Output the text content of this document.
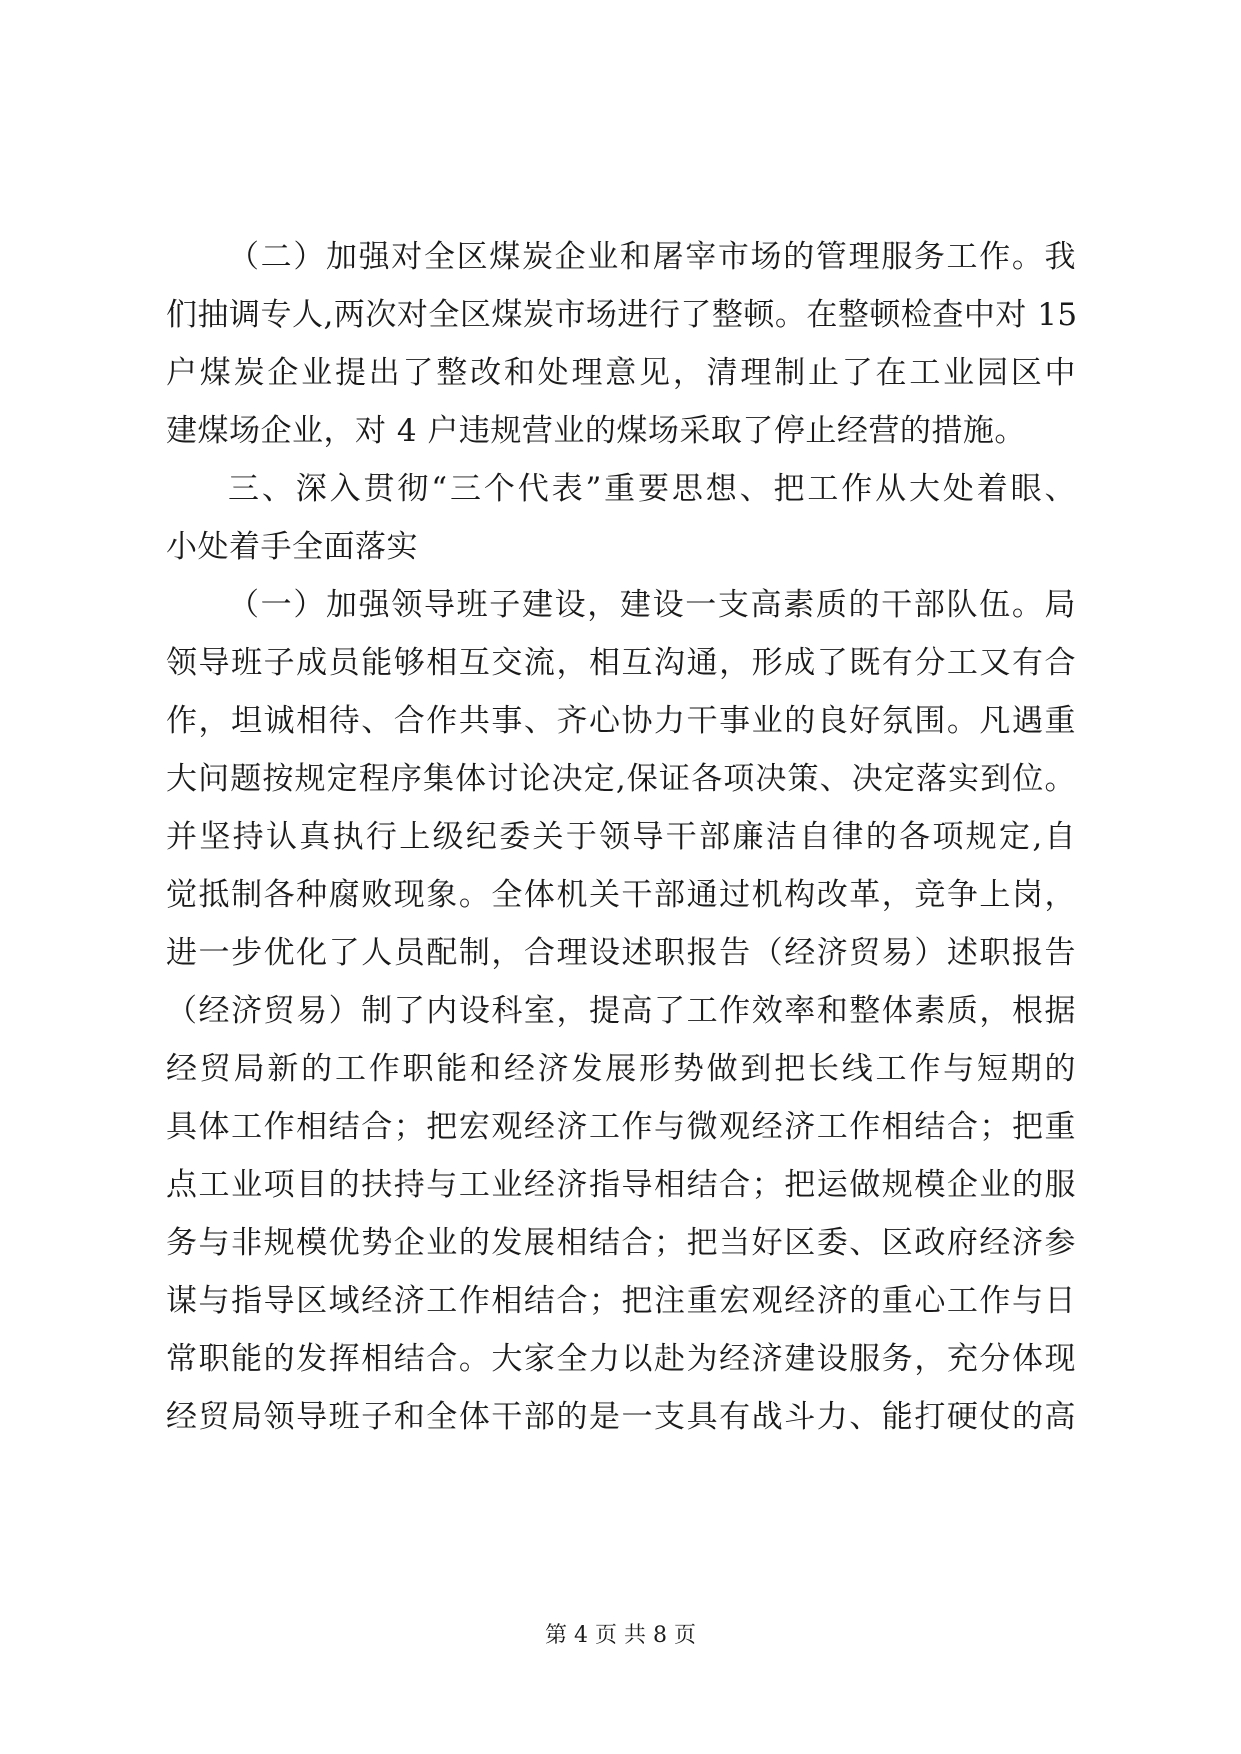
（二）加强对全区煤炭企业和屠宰市场的管理服务工作。我
们抽调专人,两次对全区煤炭市场进行了整顿。在整顿检查中对 15
户煤炭企业提出了整改和处理意见，清理制止了在工业园区中
建煤场企业，对 4 户违规营业的煤场采取了停止经营的措施。
三、深入贯彻“三个代表”重要思想、把工作从大处着眼、
小处着手全面落实
（一）加强领导班子建设，建设一支高素质的干部队伍。局
领导班子成员能够相互交流，相互沟通，形成了既有分工又有合
作，坦诚相待、合作共事、齐心协力干事业的良好氛围。凡遇重
大问题按规定程序集体讨论决定,保证各项决策、决定落实到位。
并坚持认真执行上级纪委关于领导干部廉洁自律的各项规定,自
觉抵制各种腐败现象。全体机关干部通过机构改革，竞争上岗，
进一步优化了人员配制，合理设述职报告（经济贸易）述职报告
（经济贸易）制了内设科室，提高了工作效率和整体素质，根据
经贸局新的工作职能和经济发展形势做到把长线工作与短期的
具体工作相结合；把宏观经济工作与微观经济工作相结合；把重
点工业项目的扶持与工业经济指导相结合；把运做规模企业的服
务与非规模优势企业的发展相结合；把当好区委、区政府经济参
谋与指导区域经济工作相结合；把注重宏观经济的重心工作与日
常职能的发挥相结合。大家全力以赴为经济建设服务，充分体现
经贸局领导班子和全体干部的是一支具有战斗力、能打硬仗的高
第 4 页 共 8 页
